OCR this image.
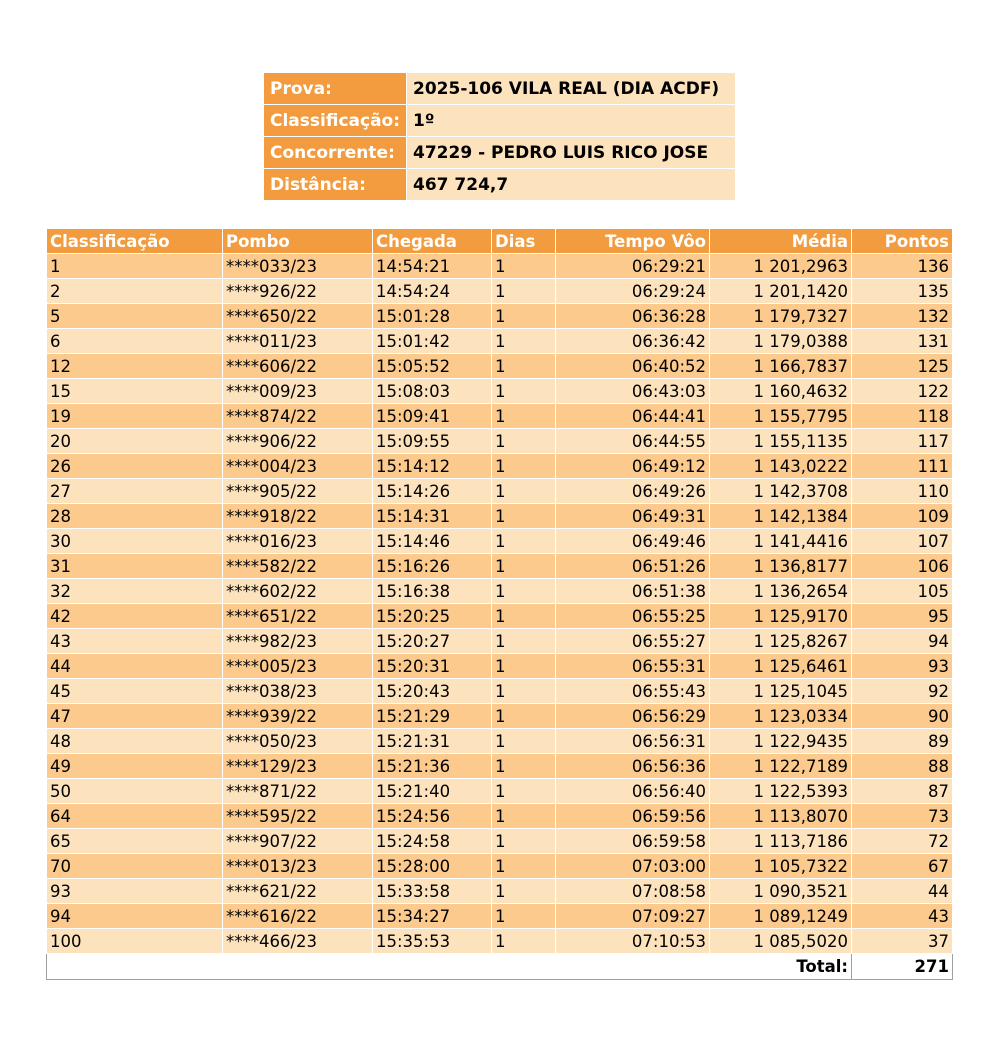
Prova:	2025-106 VILA REAL (DIA ACDF)
Classificação:	1º
Concorrente:	47229 - PEDRO LUIS RICO JOSE
Distância:	467 724,7
Classificação	Pombo	Chegada	Dias	Tempo Vôo	Média	Pontos
1	****033/23	14:54:21	1	06:29:21	1 201,2963	136
2	****926/22	14:54:24	1	06:29:24	1 201,1420	135
5	****650/22	15:01:28	1	06:36:28	1 179,7327	132
6	****011/23	15:01:42	1	06:36:42	1 179,0388	131
12	****606/22	15:05:52	1	06:40:52	1 166,7837	125
15	****009/23	15:08:03	1	06:43:03	1 160,4632	122
19	****874/22	15:09:41	1	06:44:41	1 155,7795	118
20	****906/22	15:09:55	1	06:44:55	1 155,1135	117
26	****004/23	15:14:12	1	06:49:12	1 143,0222	111
27	****905/22	15:14:26	1	06:49:26	1 142,3708	110
28	****918/22	15:14:31	1	06:49:31	1 142,1384	109
30	****016/23	15:14:46	1	06:49:46	1 141,4416	107
31	****582/22	15:16:26	1	06:51:26	1 136,8177	106
32	****602/22	15:16:38	1	06:51:38	1 136,2654	105
42	****651/22	15:20:25	1	06:55:25	1 125,9170	95
43	****982/23	15:20:27	1	06:55:27	1 125,8267	94
44	****005/23	15:20:31	1	06:55:31	1 125,6461	93
45	****038/23	15:20:43	1	06:55:43	1 125,1045	92
47	****939/22	15:21:29	1	06:56:29	1 123,0334	90
48	****050/23	15:21:31	1	06:56:31	1 122,9435	89
49	****129/23	15:21:36	1	06:56:36	1 122,7189	88
50	****871/22	15:21:40	1	06:56:40	1 122,5393	87
64	****595/22	15:24:56	1	06:59:56	1 113,8070	73
65	****907/22	15:24:58	1	06:59:58	1 113,7186	72
70	****013/23	15:28:00	1	07:03:00	1 105,7322	67
93	****621/22	15:33:58	1	07:08:58	1 090,3521	44
94	****616/22	15:34:27	1	07:09:27	1 089,1249	43
100	****466/23	15:35:53	1	07:10:53	1 085,5020	37
					Total:	271
